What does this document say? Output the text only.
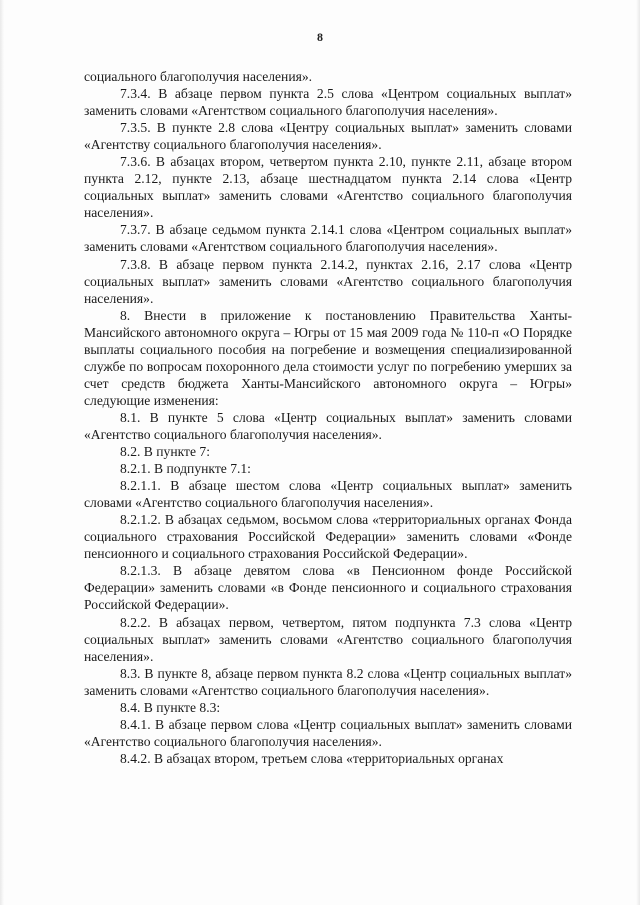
8

социального благополучия населения».

7.3.4. В абзаце первом пункта 2.5 слова «Центром социальных выплат» заменить словами «Агентством социального благополучия населения».

7.3.5. В пункте 2.8 слова «Центру социальных выплат» заменить словами «Агентству социального благополучия населения».

7.3.6. В абзацах втором, четвертом пункта 2.10, пункте 2.11, абзаце втором пункта 2.12, пункте 2.13, абзаце шестнадцатом пункта 2.14 слова «Центр социальных выплат» заменить словами «Агентство социального благополучия населения».

7.3.7. В абзаце седьмом пункта 2.14.1 слова «Центром социальных выплат» заменить словами «Агентством социального благополучия населения».

7.3.8. В абзаце первом пункта 2.14.2, пунктах 2.16, 2.17 слова «Центр социальных выплат» заменить словами «Агентство социального благополучия населения».

8. Внести в приложение к постановлению Правительства Ханты-Мансийского автономного округа – Югры от 15 мая 2009 года № 110-п «О Порядке выплаты социального пособия на погребение и возмещения специализированной службе по вопросам похоронного дела стоимости услуг по погребению умерших за счет средств бюджета Ханты-Мансийского автономного округа – Югры» следующие изменения:

8.1. В пункте 5 слова «Центр социальных выплат» заменить словами «Агентство социального благополучия населения».

8.2. В пункте 7:

8.2.1. В подпункте 7.1:

8.2.1.1. В абзаце шестом слова «Центр социальных выплат» заменить словами «Агентство социального благополучия населения».

8.2.1.2. В абзацах седьмом, восьмом слова «территориальных органах Фонда социального страхования Российской Федерации» заменить словами «Фонде пенсионного и социального страхования Российской Федерации».

8.2.1.3. В абзаце девятом слова «в Пенсионном фонде Российской Федерации» заменить словами «в Фонде пенсионного и социального страхования Российской Федерации».

8.2.2. В абзацах первом, четвертом, пятом подпункта 7.3 слова «Центр социальных выплат» заменить словами «Агентство социального благополучия населения».

8.3. В пункте 8, абзаце первом пункта 8.2 слова «Центр социальных выплат» заменить словами «Агентство социального благополучия населения».

8.4. В пункте 8.3:

8.4.1. В абзаце первом слова «Центр социальных выплат» заменить словами «Агентство социального благополучия населения».

8.4.2. В абзацах втором, третьем слова «территориальных органах
